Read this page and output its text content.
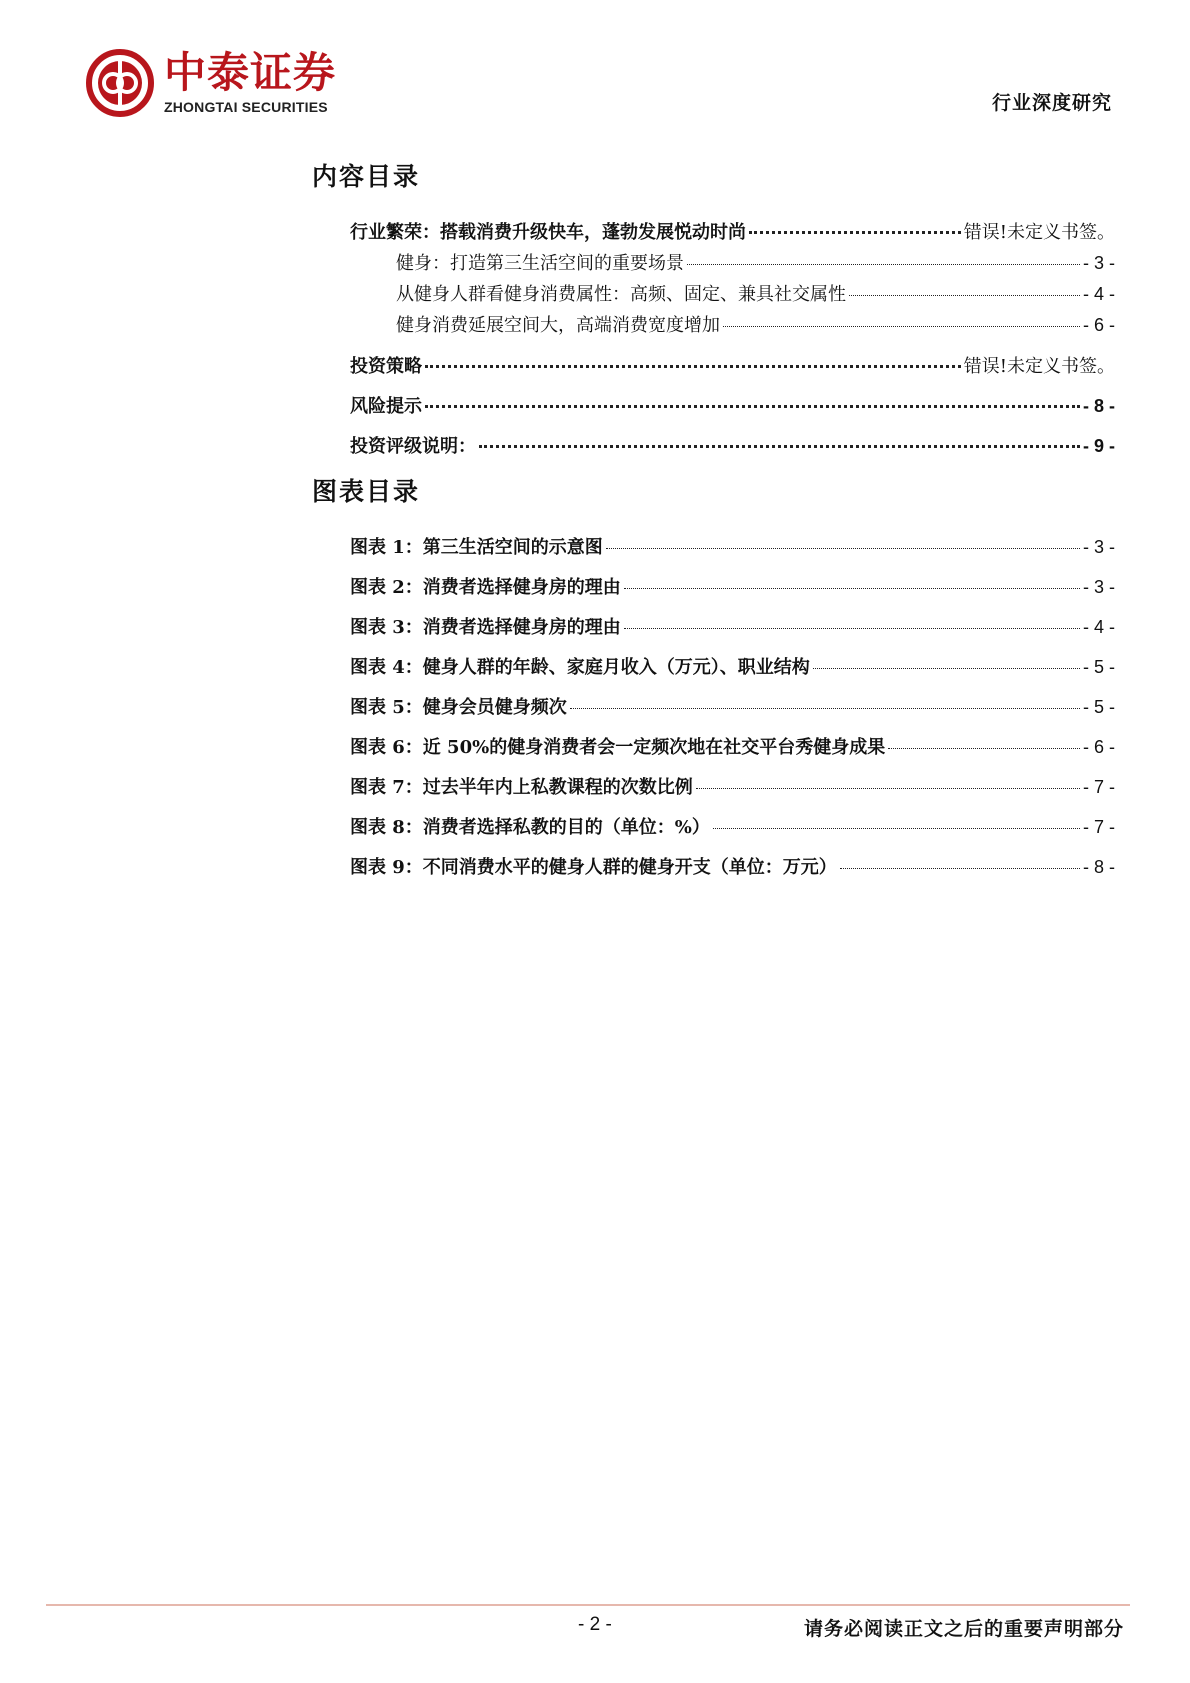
中泰证券
ZHONGTAI SECURITIES	行业深度研究
内容目录
行业繁荣：搭载消费升级快车，蓬勃发展悦动时尚	错误!未定义书签。
健身：打造第三生活空间的重要场景	- 3 -
从健身人群看健身消费属性：高频、固定、兼具社交属性	- 4 -
健身消费延展空间大，高端消费宽度增加	- 6 -
投资策略	错误!未定义书签。
风险提示	- 8 -
投资评级说明：	- 9 -
图表目录
图表 1：第三生活空间的示意图	- 3 -
图表 2：消费者选择健身房的理由	- 3 -
图表 3：消费者选择健身房的理由	- 4 -
图表 4：健身人群的年龄、家庭月收入（万元）、职业结构	- 5 -
图表 5：健身会员健身频次	- 5 -
图表 6：近 50%的健身消费者会一定频次地在社交平台秀健身成果	- 6 -
图表 7：过去半年内上私教课程的次数比例	- 7 -
图表 8：消费者选择私教的目的（单位：%）	- 7 -
图表 9：不同消费水平的健身人群的健身开支（单位：万元）	- 8 -
- 2 -	请务必阅读正文之后的重要声明部分
